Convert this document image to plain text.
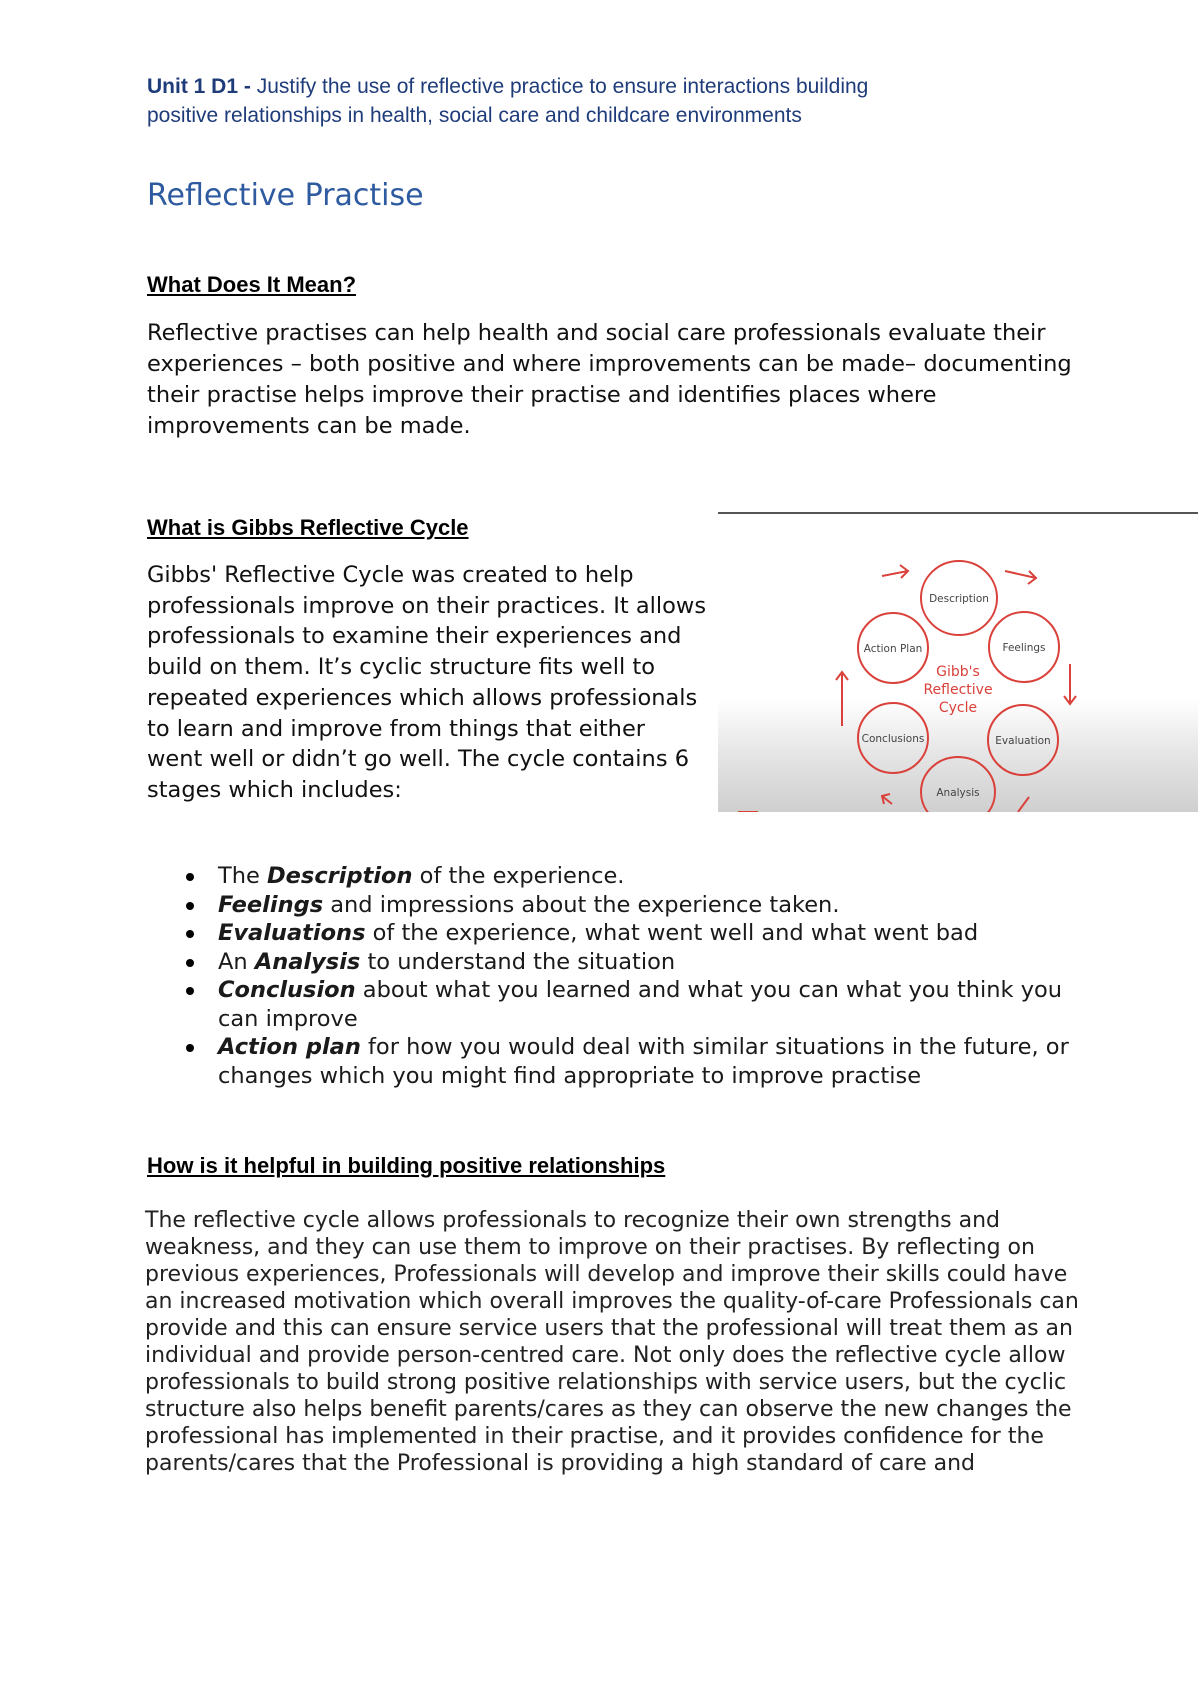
Unit 1 D1 - Justify the use of reflective practice to ensure interactions building
positive relationships in health, social care and childcare environments
Reflective Practise
What Does It Mean?
Reflective practises can help health and social care professionals evaluate their experiences – both positive and where improvements can be made– documenting their practise helps improve their practise and identifies places where improvements can be made.
What is Gibbs Reflective Cycle
Gibbs' Reflective Cycle was created to help professionals improve on their practices. It allows professionals to examine their experiences and build on them. It’s cyclic structure fits well to repeated experiences which allows professionals to learn and improve from things that either went well or didn’t go well. The cycle contains 6 stages which includes:
Description
Feelings
Evaluation
Analysis
Conclusions
Action Plan
Gibb's
Reflective
Cycle
The Description of the experience.
Feelings and impressions about the experience taken.
Evaluations of the experience, what went well and what went bad
An Analysis to understand the situation
Conclusion about what you learned and what you can what you think you can improve
Action plan for how you would deal with similar situations in the future, or changes which you might find appropriate to improve practise
How is it helpful in building positive relationships
The reflective cycle allows professionals to recognize their own strengths and weakness, and they can use them to improve on their practises. By reflecting on previous experiences, Professionals will develop and improve their skills could have an increased motivation which overall improves the quality-of-care Professionals can provide and this can ensure service users that the professional will treat them as an individual and provide person-centred care. Not only does the reflective cycle allow professionals to build strong positive relationships with service users, but the cyclic structure also helps benefit parents/cares as they can observe the new changes the professional has implemented in their practise, and it provides confidence for the parents/cares that the Professional is providing a high standard of care and
